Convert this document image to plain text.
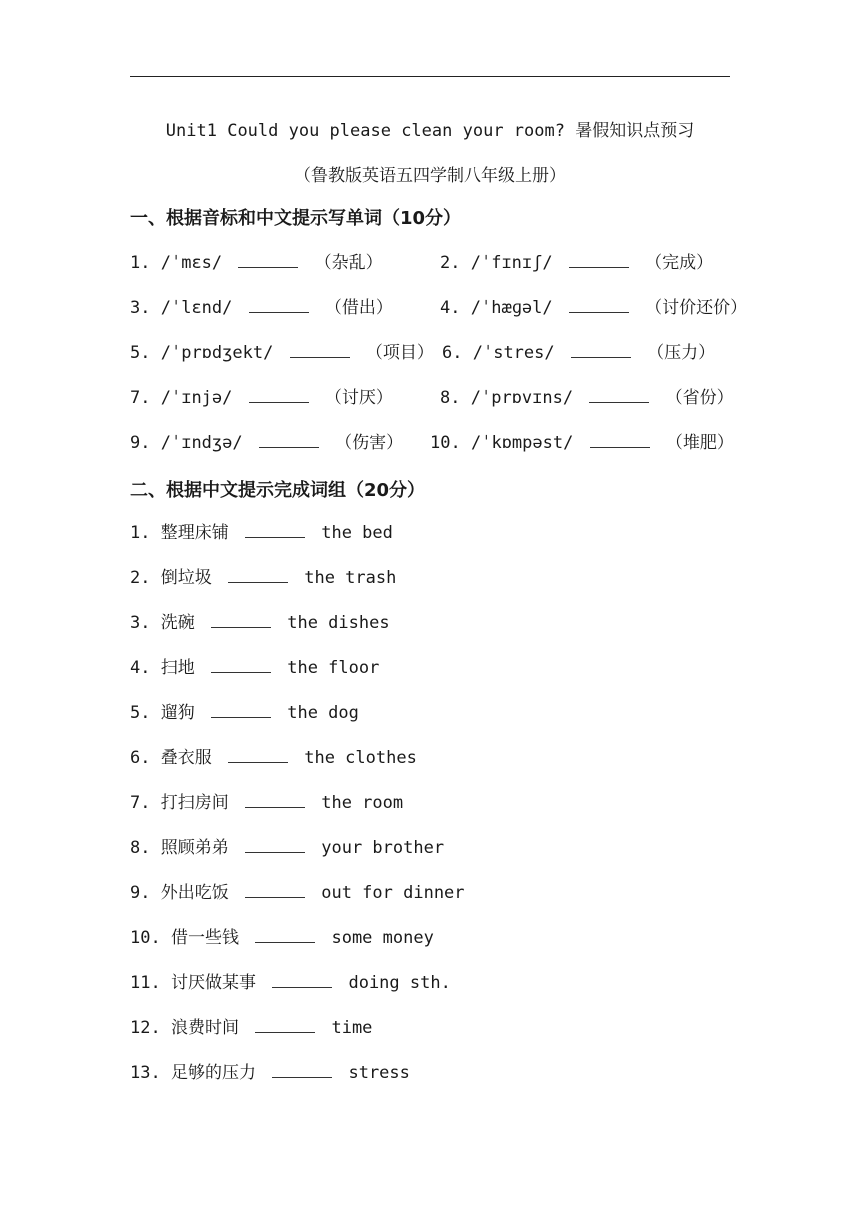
Unit1 Could you please clean your room? 暑假知识点预习
（鲁教版英语五四学制八年级上册）
一、根据音标和中文提示写单词（10分）
1. /ˈmɛs/	（杂乱）	2. /ˈfɪnɪʃ/	（完成）
3. /ˈlɛnd/	（借出）	4. /ˈhæɡəl/	（讨价还价）
5. /ˈprɒdʒekt/	（项目） 6. /ˈstres/	（压力）
7. /ˈɪnjə/	（讨厌）	8. /ˈprɒvɪns/	（省份）
9. /ˈɪndʒə/	（伤害） 10. /ˈkɒmpəst/	（堆肥）
二、根据中文提示完成词组（20分）
1. 整理床铺	the bed
2. 倒垃圾	the trash
3. 洗碗	the dishes
4. 扫地	the floor
5. 遛狗	the dog
6. 叠衣服	the clothes
7. 打扫房间	the room
8. 照顾弟弟	your brother
9. 外出吃饭	out for dinner
10. 借一些钱	some money
11. 讨厌做某事	doing sth.
12. 浪费时间	time
13. 足够的压力	stress
